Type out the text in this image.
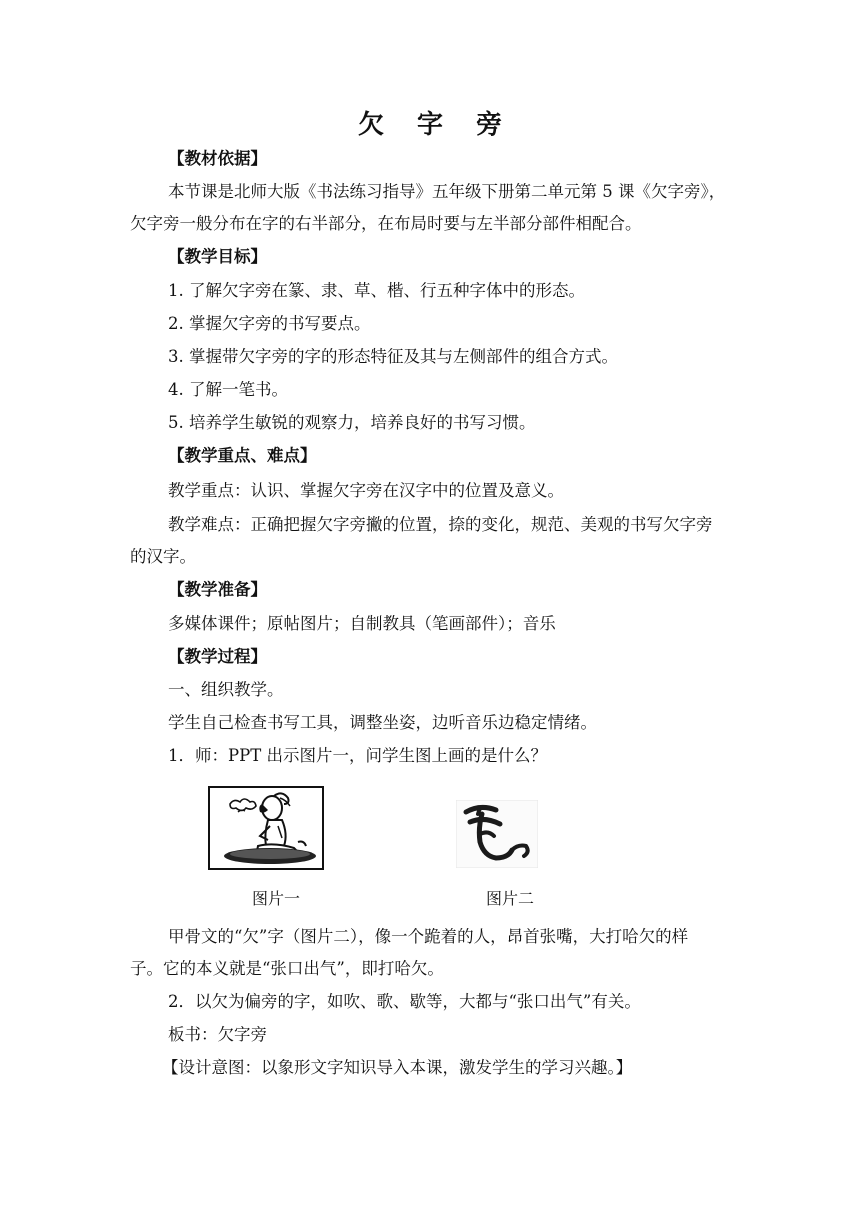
欠 字 旁
【教材依据】
本节课是北师大版《书法练习指导》五年级下册第二单元第 5 课《欠字旁》，
欠字旁一般分布在字的右半部分，在布局时要与左半部分部件相配合。
【教学目标】
1. 了解欠字旁在篆、隶、草、楷、行五种字体中的形态。
2. 掌握欠字旁的书写要点。
3. 掌握带欠字旁的字的形态特征及其与左侧部件的组合方式。
4. 了解一笔书。
5. 培养学生敏锐的观察力，培养良好的书写习惯。
【教学重点、难点】
教学重点：认识、掌握欠字旁在汉字中的位置及意义。
教学难点：正确把握欠字旁撇的位置，捺的变化，规范、美观的书写欠字旁
的汉字。
【教学准备】
多媒体课件；原帖图片；自制教具（笔画部件）；音乐
【教学过程】
一、组织教学。
学生自己检查书写工具，调整坐姿，边听音乐边稳定情绪。
1．师：PPT 出示图片一，问学生图上画的是什么？
图片一	图片二
甲骨文的“欠”字（图片二），像一个跪着的人，昂首张嘴，大打哈欠的样
子。它的本义就是“张口出气”，即打哈欠。
2．以欠为偏旁的字，如吹、歌、歇等，大都与“张口出气”有关。
板书：欠字旁
【设计意图：以象形文字知识导入本课，激发学生的学习兴趣。】
